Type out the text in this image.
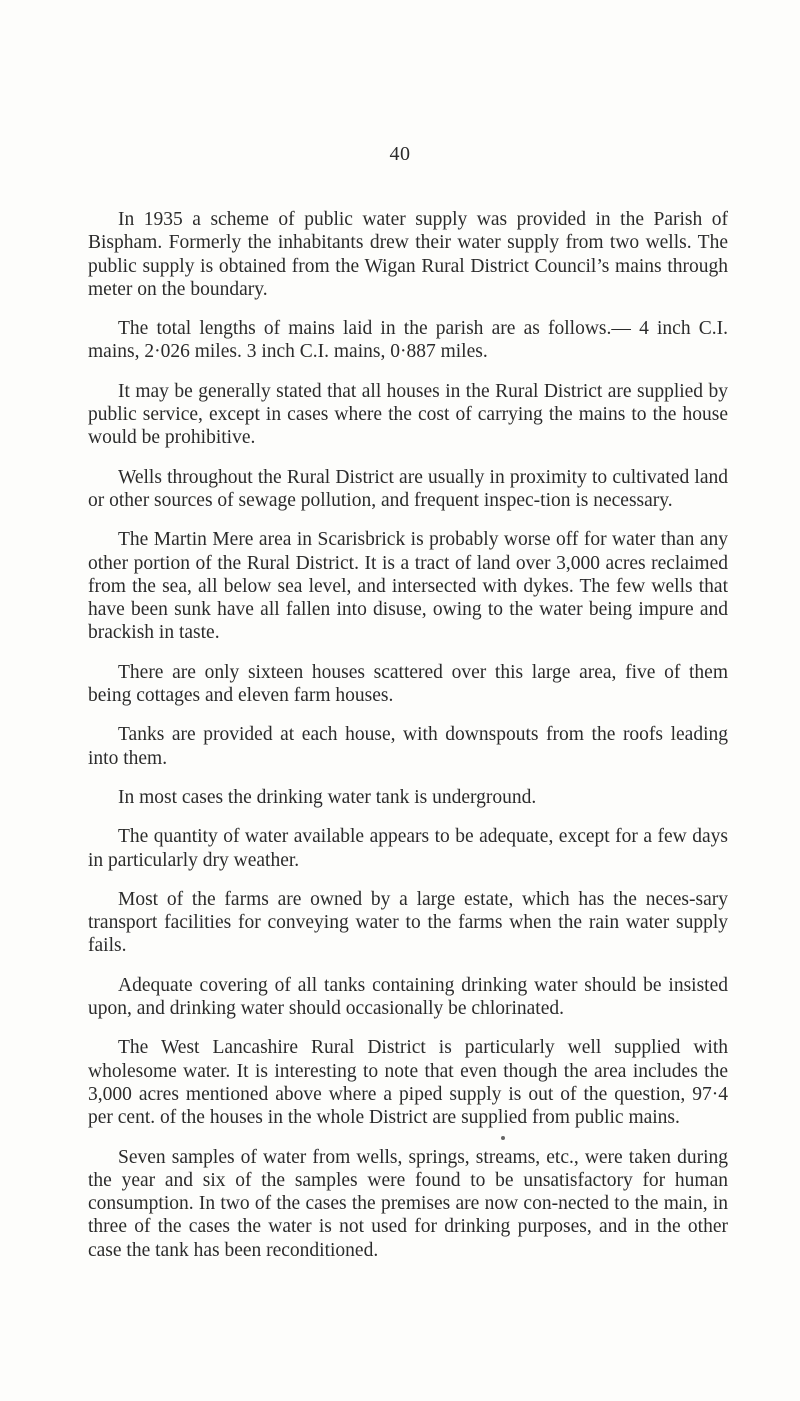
40

In 1935 a scheme of public water supply was provided in the Parish of Bispham. Formerly the inhabitants drew their water supply from two wells. The public supply is obtained from the Wigan Rural District Council’s mains through meter on the boundary.

The total lengths of mains laid in the parish are as follows.— 4 inch C.I. mains, 2·026 miles. 3 inch C.I. mains, 0·887 miles.

It may be generally stated that all houses in the Rural District are supplied by public service, except in cases where the cost of carrying the mains to the house would be prohibitive.

Wells throughout the Rural District are usually in proximity to cultivated land or other sources of sewage pollution, and frequent inspec-tion is necessary.

The Martin Mere area in Scarisbrick is probably worse off for water than any other portion of the Rural District. It is a tract of land over 3,000 acres reclaimed from the sea, all below sea level, and intersected with dykes. The few wells that have been sunk have all fallen into disuse, owing to the water being impure and brackish in taste.

There are only sixteen houses scattered over this large area, five of them being cottages and eleven farm houses.

Tanks are provided at each house, with downspouts from the roofs leading into them.

In most cases the drinking water tank is underground.

The quantity of water available appears to be adequate, except for a few days in particularly dry weather.

Most of the farms are owned by a large estate, which has the neces-sary transport facilities for conveying water to the farms when the rain water supply fails.

Adequate covering of all tanks containing drinking water should be insisted upon, and drinking water should occasionally be chlorinated.

The West Lancashire Rural District is particularly well supplied with wholesome water. It is interesting to note that even though the area includes the 3,000 acres mentioned above where a piped supply is out of the question, 97·4 per cent. of the houses in the whole District are supplied from public mains.

Seven samples of water from wells, springs, streams, etc., were taken during the year and six of the samples were found to be unsatisfactory for human consumption. In two of the cases the premises are now con-nected to the main, in three of the cases the water is not used for drinking purposes, and in the other case the tank has been reconditioned.
